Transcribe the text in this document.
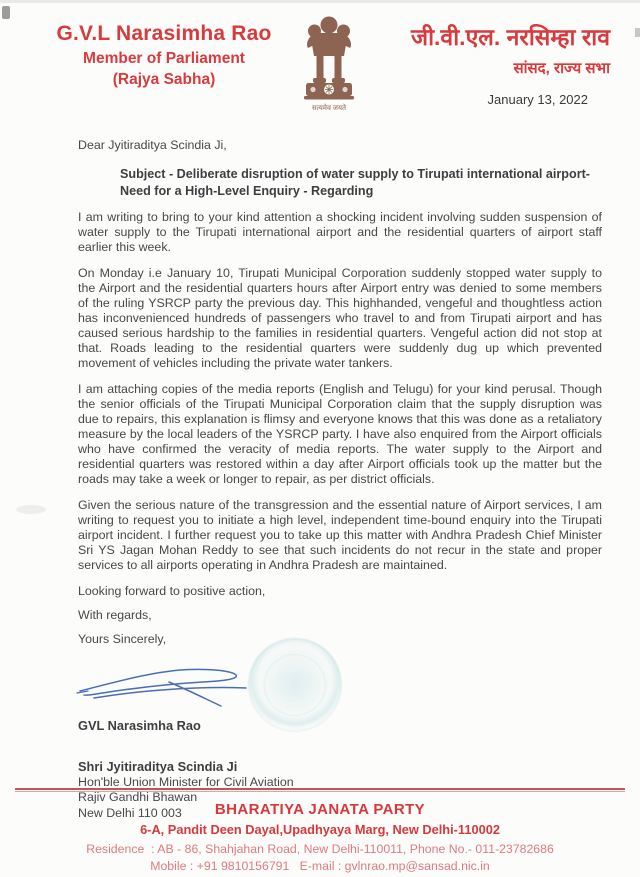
G.V.L Narasimha Rao
Member of Parliament
(Rajya Sabha)
सत्यमेव जयते
जी.वी.एल. नरसिम्हा राव
सांसद, राज्य सभा
January 13, 2022

Dear Jyitiraditya Scindia Ji,

Subject - Deliberate disruption of water supply to Tirupati international airport- Need for a High-Level Enquiry - Regarding

I am writing to bring to your kind attention a shocking incident involving sudden suspension of water supply to the Tirupati international airport and the residential quarters of airport staff earlier this week.

On Monday i.e January 10, Tirupati Municipal Corporation suddenly stopped water supply to the Airport and the residential quarters hours after Airport entry was denied to some members of the ruling YSRCP party the previous day. This highhanded, vengeful and thoughtless action has inconvenienced hundreds of passengers who travel to and from Tirupati airport and has caused serious hardship to the families in residential quarters. Vengeful action did not stop at that. Roads leading to the residential quarters were suddenly dug up which prevented movement of vehicles including the private water tankers.

I am attaching copies of the media reports (English and Telugu) for your kind perusal. Though the senior officials of the Tirupati Municipal Corporation claim that the supply disruption was due to repairs, this explanation is flimsy and everyone knows that this was done as a retaliatory measure by the local leaders of the YSRCP party. I have also enquired from the Airport officials who have confirmed the veracity of media reports. The water supply to the Airport and residential quarters was restored within a day after Airport officials took up the matter but the roads may take a week or longer to repair, as per district officials.

Given the serious nature of the transgression and the essential nature of Airport services, I am writing to request you to initiate a high level, independent time-bound enquiry into the Tirupati airport incident. I further request you to take up this matter with Andhra Pradesh Chief Minister Sri YS Jagan Mohan Reddy to see that such incidents do not recur in the state and proper services to all airports operating in Andhra Pradesh are maintained.

Looking forward to positive action,

With regards,

Yours Sincerely,

GVL Narasimha Rao
Shri Jyitiraditya Scindia Ji
Hon'ble Union Minister for Civil Aviation
Rajiv Gandhi Bhawan
New Delhi 110 003	BHARATIYA JANATA PARTY
6-A, Pandit Deen Dayal,Upadhyaya Marg, New Delhi-110002
Residence  : AB - 86, Shahjahan Road, New Delhi-110011, Phone No.- 011-23782686
Mobile : +91 9810156791   E-mail : gvlnrao.mp@sansad.nic.in
